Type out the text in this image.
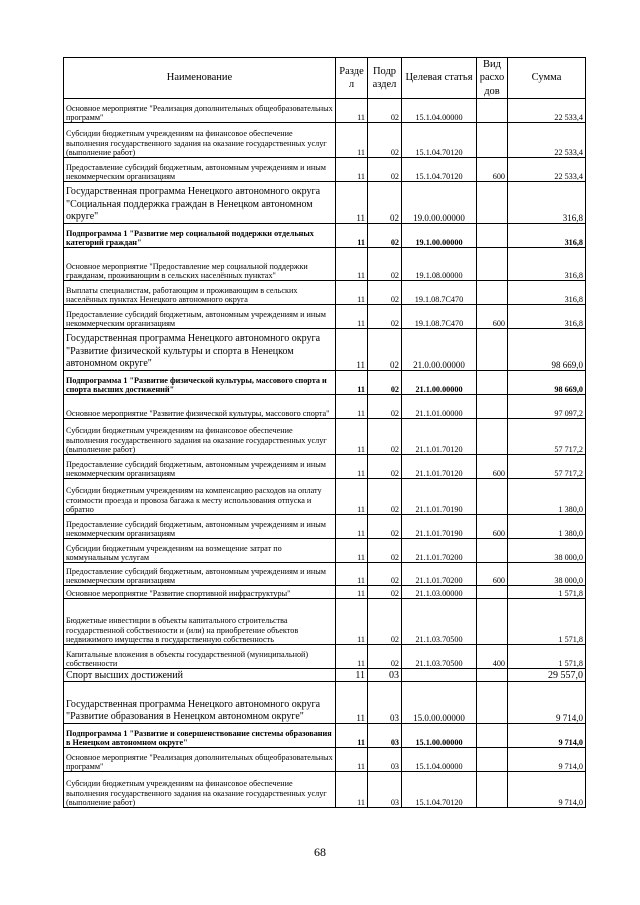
Наименование	Разде л	Подр аздел	Целевая статья	Вид расхо дов	Сумма
Основное мероприятие "Реализация дополнительных общеобразовательных программ"	11	02	15.1.04.00000		22 533,4
Субсидии бюджетным учреждениям на финансовое обеспечение выполнения государственного задания на оказание государственных услуг (выполнение работ)	11	02	15.1.04.70120		22 533,4
Предоставление субсидий бюджетным, автономным учреждениям и иным некоммерческим организациям	11	02	15.1.04.70120	600	22 533,4
Государственная программа Ненецкого автономного округа "Социальная поддержка граждан в Ненецком автономном округе"	11	02	19.0.00.00000		316,8
Подпрограмма 1 "Развитие мер социальной поддержки отдельных категорий граждан"	11	02	19.1.00.00000		316,8
Основное мероприятие "Предоставление мер социальной поддержки гражданам, проживающим в сельских населённых пунктах"	11	02	19.1.08.00000		316,8
Выплаты специалистам, работающим и проживающим в сельских населённых пунктах Ненецкого автономного округа	11	02	19.1.08.7С470		316,8
Предоставление субсидий бюджетным, автономным учреждениям и иным некоммерческим организациям	11	02	19.1.08.7С470	600	316,8
Государственная программа Ненецкого автономного округа "Развитие физической культуры и спорта в Ненецком автономном округе"	11	02	21.0.00.00000		98 669,0
Подпрограмма 1 "Развитие физической культуры, массового спорта и спорта высших достижений"	11	02	21.1.00.00000		98 669,0
Основное мероприятие "Развитие физической культуры, массового спорта"	11	02	21.1.01.00000		97 097,2
Субсидии бюджетным учреждениям на финансовое обеспечение выполнения государственного задания на оказание государственных услуг (выполнение работ)	11	02	21.1.01.70120		57 717,2
Предоставление субсидий бюджетным, автономным учреждениям и иным некоммерческим организациям	11	02	21.1.01.70120	600	57 717,2
Субсидии бюджетным учреждениям на компенсацию расходов на оплату стоимости проезда и провоза багажа к месту использования отпуска и обратно	11	02	21.1.01.70190		1 380,0
Предоставление субсидий бюджетным, автономным учреждениям и иным некоммерческим организациям	11	02	21.1.01.70190	600	1 380,0
Субсидии бюджетным учреждениям на возмещение затрат по коммунальным услугам	11	02	21.1.01.70200		38 000,0
Предоставление субсидий бюджетным, автономным учреждениям и иным некоммерческим организациям	11	02	21.1.01.70200	600	38 000,0
Основное мероприятие "Развитие спортивной инфраструктуры"	11	02	21.1.03.00000		1 571,8
Бюджетные инвестиции в объекты капитального строительства государственной собственности и (или) на приобретение объектов недвижимого имущества в государственную собственность	11	02	21.1.03.70500		1 571,8
Капитальные вложения в объекты государственной (муниципальной) собственности	11	02	21.1.03.70500	400	1 571,8
Спорт высших достижений	11	03			29 557,0
Государственная программа Ненецкого автономного округа "Развитие образования в Ненецком автономном округе"	11	03	15.0.00.00000		9 714,0
Подпрограмма 1 "Развитие и совершенствование системы образования в Ненецком автономном округе"	11	03	15.1.00.00000		9 714,0
Основное мероприятие "Реализация дополнительных общеобразовательных программ"	11	03	15.1.04.00000		9 714,0
Субсидии бюджетным учреждениям на финансовое обеспечение выполнения государственного задания на оказание государственных услуг (выполнение работ)	11	03	15.1.04.70120		9 714,0
68
